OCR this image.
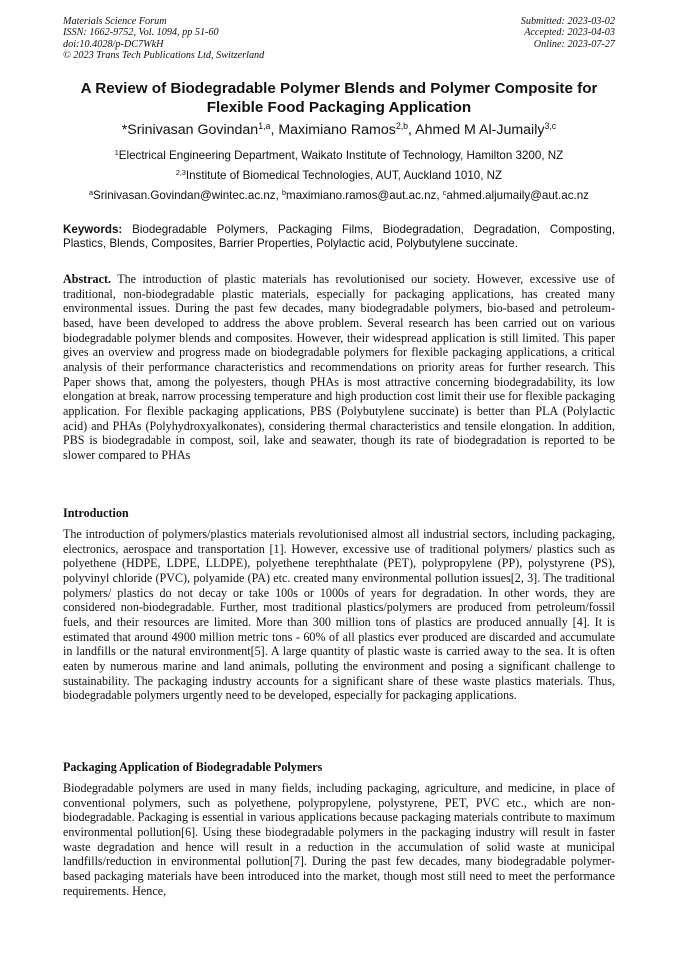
Materials Science Forum
ISSN: 1662-9752, Vol. 1094, pp 51-60
doi:10.4028/p-DC7WkH
© 2023 Trans Tech Publications Ltd, Switzerland
Submitted: 2023-03-02
Accepted: 2023-04-03
Online: 2023-07-27
A Review of Biodegradable Polymer Blends and Polymer Composite for
Flexible Food Packaging Application
*Srinivasan Govindan$^{1,a}$, Maximiano Ramos$^{2,b}$, Ahmed M Al-Jumaily$^{3,c}$
$^1$Electrical Engineering Department, Waikato Institute of Technology, Hamilton 3200, NZ
$^{2,3}$Institute of Biomedical Technologies, AUT, Auckland 1010, NZ
$^a$Srinivasan.Govindan@wintec.ac.nz, $^b$maximiano.ramos@aut.ac.nz, $^c$ahmed.aljumaily@aut.ac.nz
Keywords: Biodegradable Polymers, Packaging Films, Biodegradation, Degradation, Composting, Plastics, Blends, Composites, Barrier Properties, Polylactic acid, Polybutylene succinate.
Abstract. The introduction of plastic materials has revolutionised our society. However, excessive use of traditional, non-biodegradable plastic materials, especially for packaging applications, has created many environmental issues. During the past few decades, many biodegradable polymers, bio-based and petroleum-based, have been developed to address the above problem. Several research has been carried out on various biodegradable polymer blends and composites. However, their widespread application is still limited. This paper gives an overview and progress made on biodegradable polymers for flexible packaging applications, a critical analysis of their performance characteristics and recommendations on priority areas for further research. This Paper shows that, among the polyesters, though PHAs is most attractive concerning biodegradability, its low elongation at break, narrow processing temperature and high production cost limit their use for flexible packaging application. For flexible packaging applications, PBS (Polybutylene succinate) is better than PLA (Polylactic acid) and PHAs (Polyhydroxyalkonates), considering thermal characteristics and tensile elongation. In addition, PBS is biodegradable in compost, soil, lake and seawater, though its rate of biodegradation is reported to be slower compared to PHAs
Introduction
The introduction of polymers/plastics materials revolutionised almost all industrial sectors, including packaging, electronics, aerospace and transportation [1]. However, excessive use of traditional polymers/ plastics such as polyethene (HDPE, LDPE, LLDPE), polyethene terephthalate (PET), polypropylene (PP), polystyrene (PS), polyvinyl chloride (PVC), polyamide (PA) etc. created many environmental pollution issues[2, 3]. The traditional polymers/ plastics do not decay or take 100s or 1000s of years for degradation. In other words, they are considered non-biodegradable. Further, most traditional plastics/polymers are produced from petroleum/fossil fuels, and their resources are limited. More than 300 million tons of plastics are produced annually [4]. It is estimated that around 4900 million metric tons - 60% of all plastics ever produced are discarded and accumulate in landfills or the natural environment[5]. A large quantity of plastic waste is carried away to the sea. It is often eaten by numerous marine and land animals, polluting the environment and posing a significant challenge to sustainability. The packaging industry accounts for a significant share of these waste plastics materials. Thus, biodegradable polymers urgently need to be developed, especially for packaging applications.
Packaging Application of Biodegradable Polymers
Biodegradable polymers are used in many fields, including packaging, agriculture, and medicine, in place of conventional polymers, such as polyethene, polypropylene, polystyrene, PET, PVC etc., which are non-biodegradable. Packaging is essential in various applications because packaging materials contribute to maximum environmental pollution[6]. Using these biodegradable polymers in the packaging industry will result in faster waste degradation and hence will result in a reduction in the accumulation of solid waste at municipal landfills/reduction in environmental pollution[7]. During the past few decades, many biodegradable polymer-based packaging materials have been introduced into the market, though most still need to meet the performance requirements. Hence,
